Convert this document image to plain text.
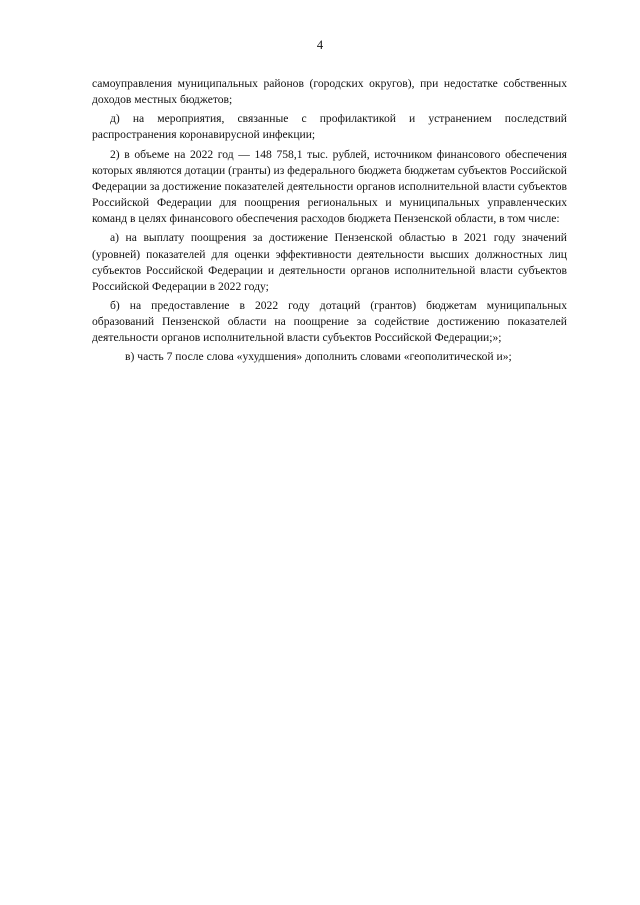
4

самоуправления муниципальных районов (городских округов), при недостатке собственных доходов местных бюджетов;

д) на мероприятия, связанные с профилактикой и устранением последствий распространения коронавирусной инфекции;

2) в объеме на 2022 год — 148 758,1 тыс. рублей, источником финансового обеспечения которых являются дотации (гранты) из федерального бюджета бюджетам субъектов Российской Федерации за достижение показателей деятельности органов исполнительной власти субъектов Российской Федерации для поощрения региональных и муниципальных управленческих команд в целях финансового обеспечения расходов бюджета Пензенской области, в том числе:

а) на выплату поощрения за достижение Пензенской областью в 2021 году значений (уровней) показателей для оценки эффективности деятельности высших должностных лиц субъектов Российской Федерации и деятельности органов исполнительной власти субъектов Российской Федерации в 2022 году;

б) на предоставление в 2022 году дотаций (грантов) бюджетам муниципальных образований Пензенской области на поощрение за содействие достижению показателей деятельности органов исполнительной власти субъектов Российской Федерации;»;

в) часть 7 после слова «ухудшения» дополнить словами «геополитической и»;
